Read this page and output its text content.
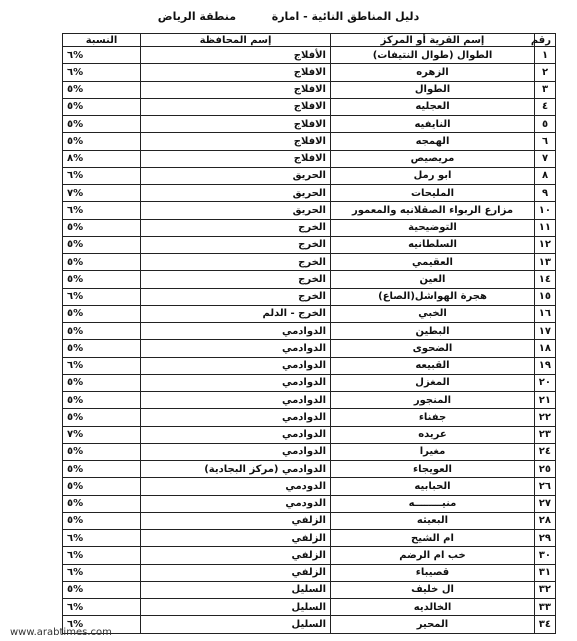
دليل المناطق النائية - امارة  منطقة الرياض
رقم	إسم القرية أو المركز	إسم المحافظة	النسبة
١	الطوال (طوال النتيفات)	الأفلاج	٦%
٢	الزهره	الافلاج	٦%
٣	الطوال	الافلاج	٥%
٤	العجليه	الافلاج	٥%
٥	النايفيه	الافلاج	٥%
٦	الهمجه	الافلاج	٥%
٧	مريصيص	الافلاج	٨%
٨	ابو رمل	الحريق	٦%
٩	المليحات	الحريق	٧%
١٠	مزارع الربواء الصقلانيه والمعمور	الحريق	٦%
١١	التوضيحية	الخرج	٥%
١٢	السلطانيه	الخرج	٥%
١٣	العقيمي	الخرج	٥%
١٤	العين	الخرج	٥%
١٥	هجرة الهواشل(الصاع)	الخرج	٦%
١٦	الخبي	الخرج - الدلم	٥%
١٧	البطين	الدوادمي	٥%
١٨	الضحوى	الدوادمي	٥%
١٩	القبيعه	الدوادمي	٦%
٢٠	المغزل	الدوادمي	٥%
٢١	المنجور	الدوادمي	٥%
٢٢	جفناء	الدوادمي	٥%
٢٣	عريده	الدوادمي	٧%
٢٤	مغيرا	الدوادمي	٥%
٢٥	العويجاء	الدوادمي (مركز البجادية)	٥%
٢٦	الحبابيه	الدودمي	٥%
٢٧	منيــــــــه	الدودمي	٥%
٢٨	البعيثه	الزلفي	٥%
٢٩	ام الشيح	الزلفي	٦%
٣٠	خب ام الرضم	الزلفي	٦%
٣١	قصيباء	الزلفي	٦%
٣٢	ال خليف	السليل	٥%
٣٣	الخالديه	السليل	٦%
٣٤	المحير	السليل	٦%
www.arabtimes.com
